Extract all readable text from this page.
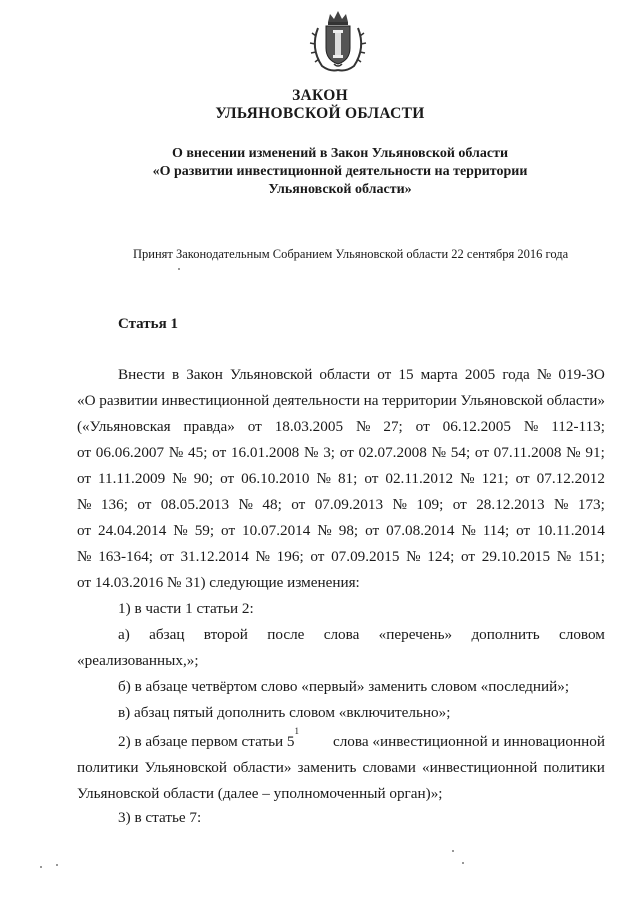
ЗАКОН
УЛЬЯНОВСКОЙ ОБЛАСТИ
О внесении изменений в Закон Ульяновской области
«О развитии инвестиционной деятельности на территории
Ульяновской области»
Принят Законодательным Собранием Ульяновской области 22 сентября 2016 года
Статья 1
Внести в Закон Ульяновской области от 15 марта 2005 года № 019-ЗО
«О развитии инвестиционной деятельности на территории Ульяновской области»
(«Ульяновская правда» от 18.03.2005 № 27; от 06.12.2005 № 112-113;
от 06.06.2007 № 45; от 16.01.2008 № 3; от 02.07.2008 № 54; от 07.11.2008 № 91;
от 11.11.2009 № 90; от 06.10.2010 № 81; от 02.11.2012 № 121; от 07.12.2012
№ 136; от 08.05.2013 № 48; от 07.09.2013 № 109; от 28.12.2013 № 173;
от 24.04.2014 № 59; от 10.07.2014 № 98; от 07.08.2014 № 114; от 10.11.2014
№ 163-164; от 31.12.2014 № 196; от 07.09.2015 № 124; от 29.10.2015 № 151;
от 14.03.2016 № 31) следующие изменения:
1) в части 1 статьи 2:
а) абзац второй после слова «перечень» дополнить словом
«реализованных,»;
б) в абзаце четвёртом слово «первый» заменить словом «последний»;
в) абзац пятый дополнить словом «включительно»;
2) в абзаце первом статьи 5
$^1$
слова «инвестиционной и инновационной
политики Ульяновской области» заменить словами «инвестиционной политики
Ульяновской области (далее – уполномоченный орган)»;
3) в статье 7:
